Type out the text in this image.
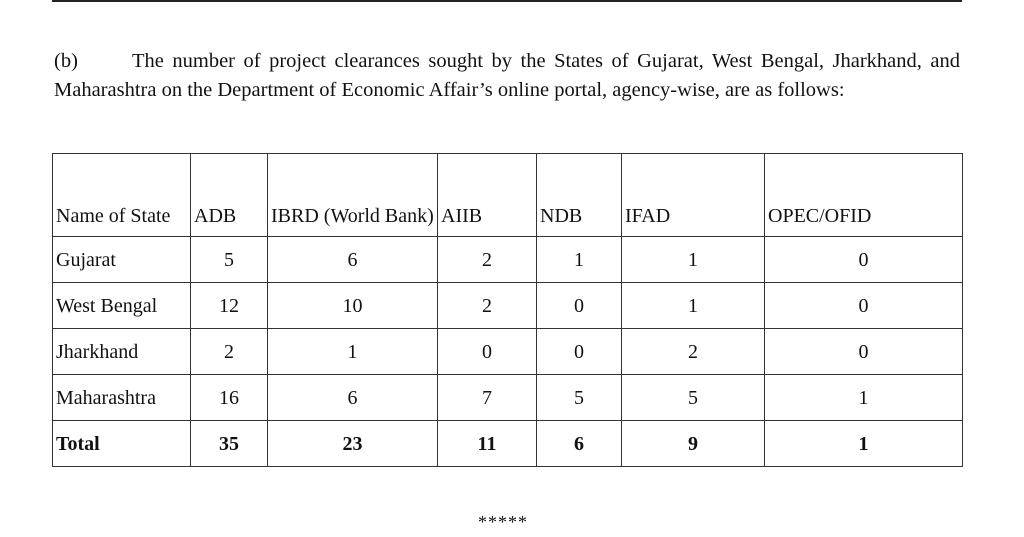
(b)	The number of project clearances sought by the States of Gujarat, West Bengal, Jharkhand, and Maharashtra on the Department of Economic Affair’s online portal, agency-wise, are as follows:

Name of State	ADB	IBRD (World Bank)	AIIB	NDB	IFAD	OPEC/OFID
Gujarat	5	6	2	1	1	0
West Bengal	12	10	2	0	1	0
Jharkhand	2	1	0	0	2	0
Maharashtra	16	6	7	5	5	1
Total	35	23	11	6	9	1
*****
